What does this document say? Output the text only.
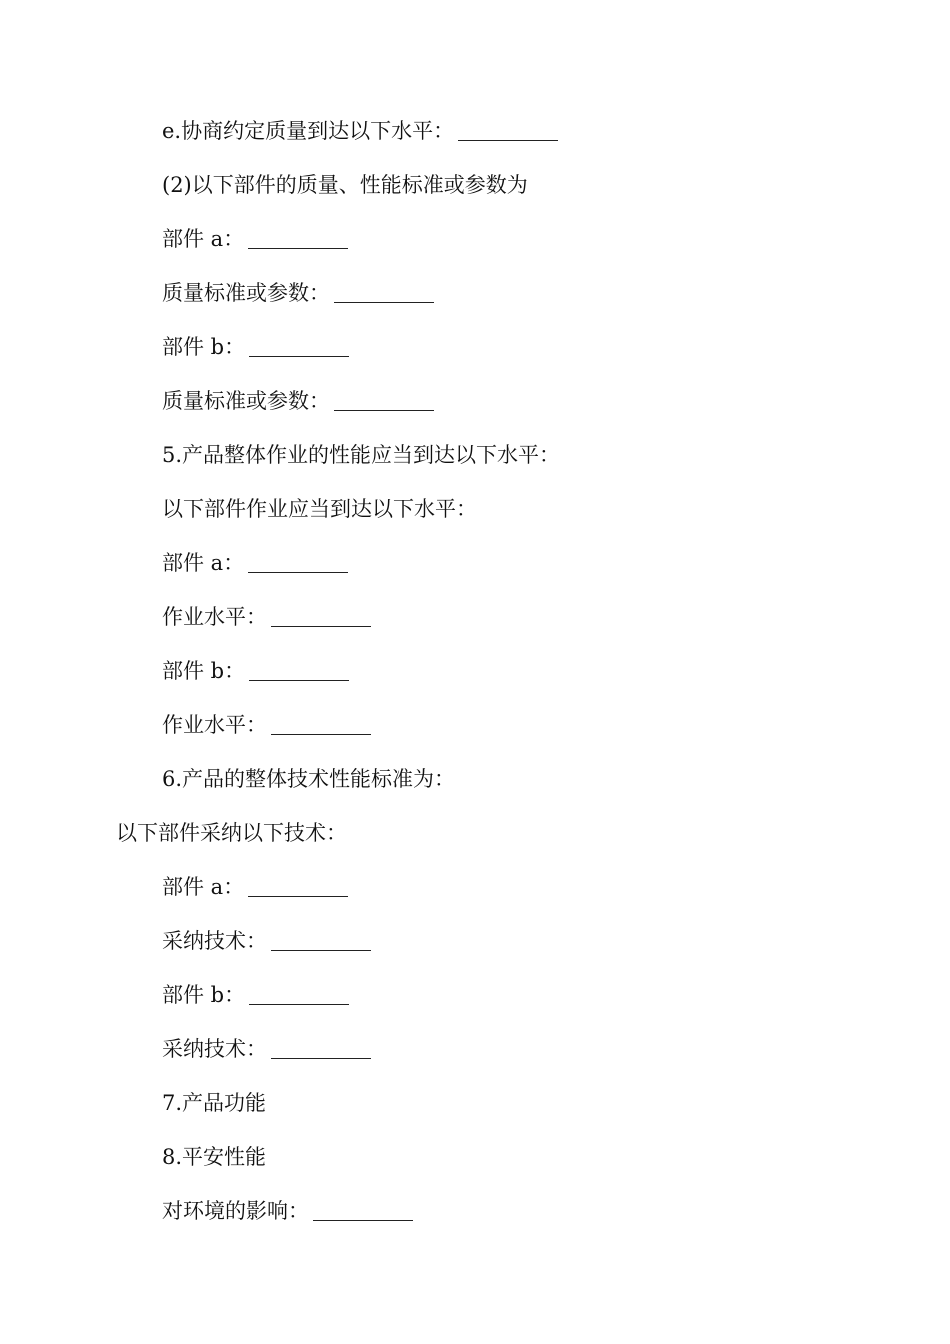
e.协商约定质量到达以下水平：
(2)以下部件的质量、性能标准或参数为
部件 a：
质量标准或参数：
部件 b：
质量标准或参数：
5.产品整体作业的性能应当到达以下水平：
以下部件作业应当到达以下水平：
部件 a：
作业水平：
部件 b：
作业水平：
6.产品的整体技术性能标准为：
以下部件采纳以下技术：
部件 a：
采纳技术：
部件 b：
采纳技术：
7.产品功能
8.平安性能
对环境的影响：
